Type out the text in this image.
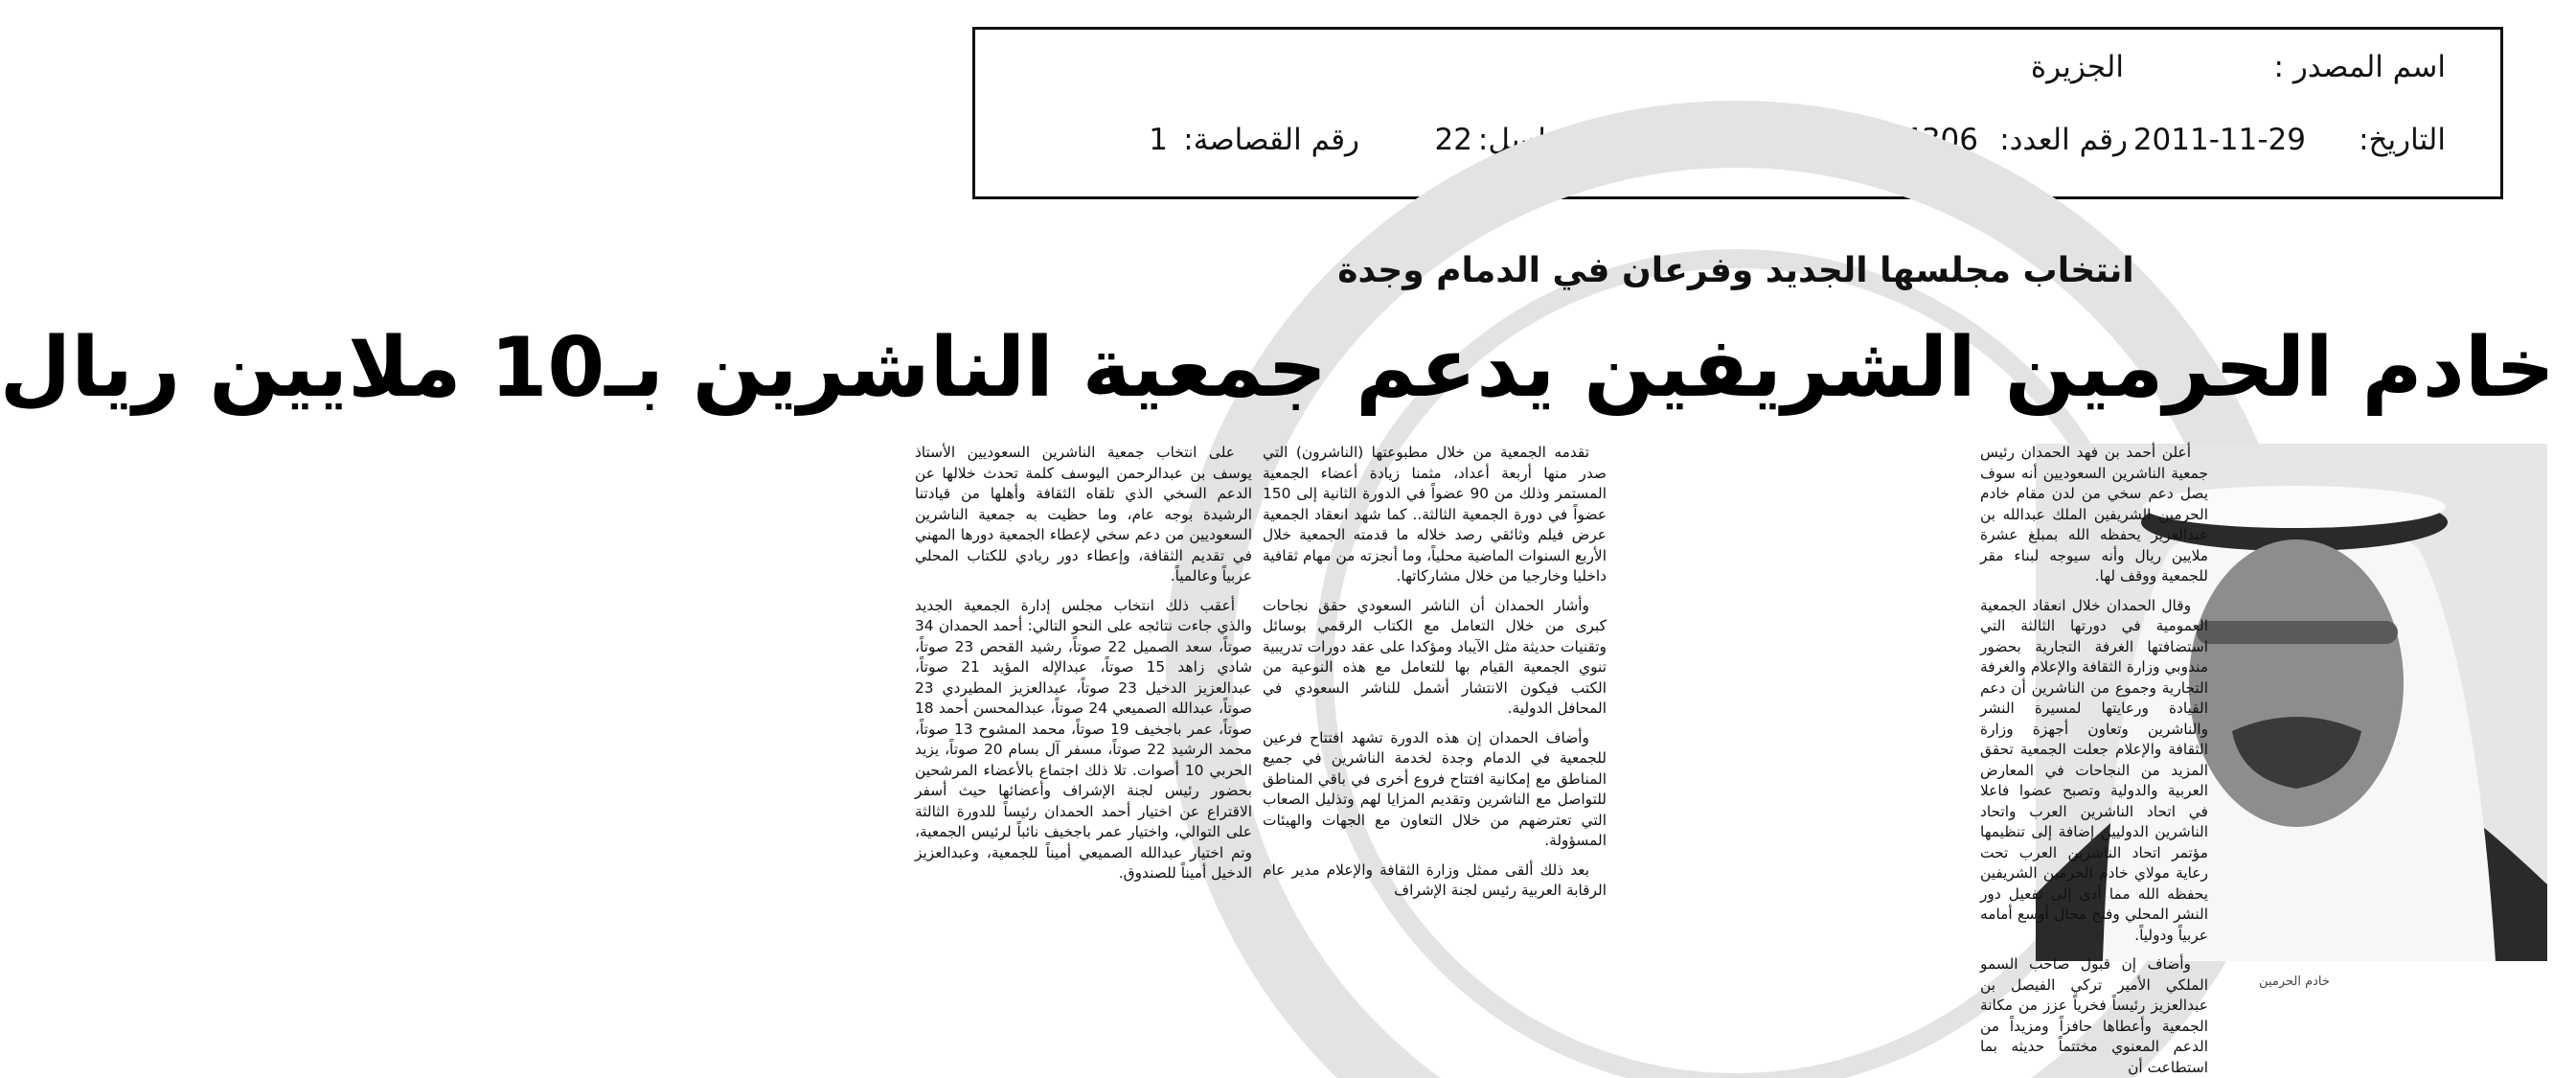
اسم المصدر :
الجزيرة
التاريخ:
2011-11-29
رقم العدد:
14306
رقم الصفحة:
5
مسلسل:
22
رقم القصاصة:
1
انتخاب مجلسها الجديد وفرعان في الدمام وجدة
خادم الحرمين الشريفين يدعم جمعية الناشرين بـ10 ملايين ريال
خادم الحرمين

أعلن أحمد بن فهد الحمدان رئيس جمعية الناشرين السعوديين أنه سوف يصل دعم سخي من لدن مقام خادم الحرمين الشريفين الملك عبدالله بن عبدالعزيز يحفظه الله بمبلغ عشرة ملايين ريال وأنه سيوجه لبناء مقر للجمعية ووقف لها.

وقال الحمدان خلال انعقاد الجمعية العمومية في دورتها الثالثة التي استضافتها الغرفة التجارية بحضور مندوبي وزارة الثقافة والإعلام والغرفة التجارية وجموع من الناشرين أن دعم القيادة ورعايتها لمسيرة النشر والناشرين وتعاون أجهزة وزارة الثقافة والإعلام جعلت الجمعية تحقق المزيد من النجاحات في المعارض العربية والدولية وتصبح عضوا فاعلا في اتحاد الناشرين العرب واتحاد الناشرين الدوليين إضافة إلى تنظيمها مؤتمر اتحاد الناشرين العرب تحت رعاية مولاي خادم الحرمين الشريفين يحفظه الله مما أدى إلى تفعيل دور النشر المحلي وفتح مجال أوسع أمامه عربياً ودولياً.

وأضاف إن قبول صاحب السمو الملكي الأمير تركي الفيصل بن عبدالعزيز رئيساً فخرياً عزز من مكانة الجمعية وأعطاها حافزاً ومزيداً من الدعم المعنوي مختتماً حديثه بما استطاعت أن

تقدمه الجمعية من خلال مطبوعتها (الناشرون) التي صدر منها أربعة أعداد، مثمنا زيادة أعضاء الجمعية المستمر وذلك من 90 عضواً في الدورة الثانية إلى 150 عضواً في دورة الجمعية الثالثة.. كما شهد انعقاد الجمعية عرض فيلم وثائقي رصد خلاله ما قدمته الجمعية خلال الأربع السنوات الماضية محلياً، وما أنجزته من مهام ثقافية داخليا وخارجيا من خلال مشاركاتها.

وأشار الحمدان أن الناشر السعودي حقق نجاحات كبرى من خلال التعامل مع الكتاب الرقمي بوسائل وتقنيات حديثة مثل الآيباد ومؤكدا على عقد دورات تدريبية تنوي الجمعية القيام بها للتعامل مع هذه النوعية من الكتب فيكون الانتشار أشمل للناشر السعودي في المحافل الدولية.

وأضاف الحمدان إن هذه الدورة تشهد افتتاح فرعين للجمعية في الدمام وجدة لخدمة الناشرين في جميع المناطق مع إمكانية افتتاح فروع أخرى في باقي المناطق للتواصل مع الناشرين وتقديم المزايا لهم وتذليل الصعاب التي تعترضهم من خلال التعاون مع الجهات والهيئات المسؤولة.

بعد ذلك ألقى ممثل وزارة الثقافة والإعلام مدير عام الرقابة العربية رئيس لجنة الإشراف

على انتخاب جمعية الناشرين السعوديين الأستاذ يوسف بن عبدالرحمن اليوسف كلمة تحدث خلالها عن الدعم السخي الذي تلقاه الثقافة وأهلها من قيادتنا الرشيدة بوجه عام، وما حظيت به جمعية الناشرين السعوديين من دعم سخي لإعطاء الجمعية دورها المهني في تقديم الثقافة، وإعطاء دور ريادي للكتاب المحلي عربياً وعالمياً.

أعقب ذلك انتخاب مجلس إدارة الجمعية الجديد والذي جاءت نتائجه على النحو التالي: أحمد الحمدان 34 صوتاً، سعد الصميل 22 صوتاً، رشيد القحص 23 صوتاً، شادي زاهد 15 صوتاً، عبدالإله المؤيد 21 صوتاً، عبدالعزيز الدخيل 23 صوتاً، عبدالعزيز المطيردي 23 صوتاً، عبدالله الصميعي 24 صوتاً، عبدالمحسن أحمد 18 صوتاً، عمر باجخيف 19 صوتاً، محمد المشوح 13 صوتاً، محمد الرشيد 22 صوتاً، مسفر آل بسام 20 صوتاً، يزيد الحربي 10 أصوات. تلا ذلك اجتماع بالأعضاء المرشحين بحضور رئيس لجنة الإشراف وأعضائها حيث أسفر الاقتراع عن اختيار أحمد الحمدان رئيساً للدورة الثالثة على التوالي، واختيار عمر باجخيف نائباً لرئيس الجمعية، وتم اختيار عبدالله الصميعي أميناً للجمعية، وعبدالعزيز الدخيل أميناً للصندوق.
